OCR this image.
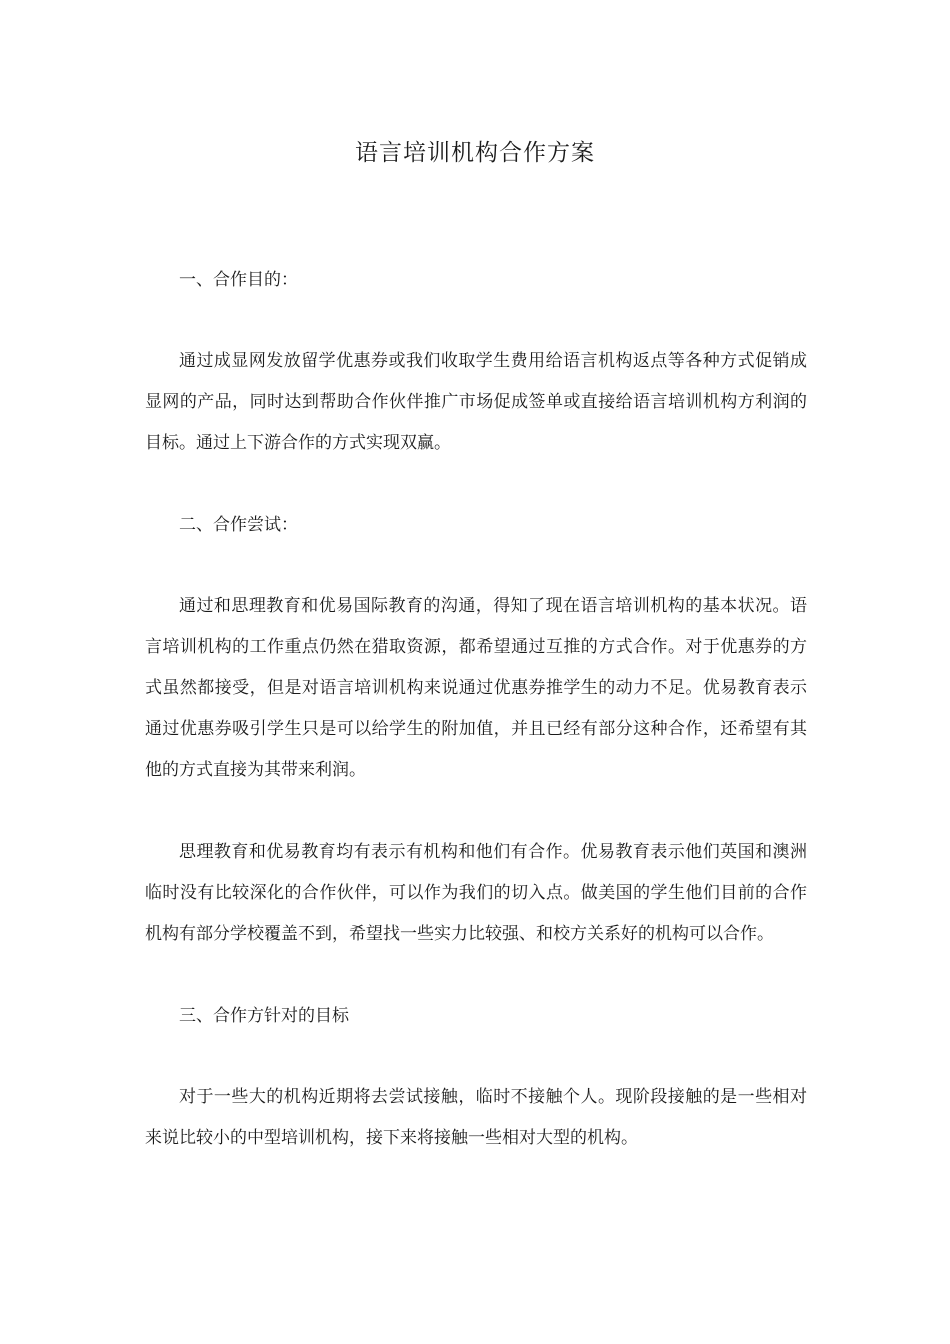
语言培训机构合作方案

一、合作目的：

通过成显网发放留学优惠券或我们收取学生费用给语言机构返点等各种方式促销成显网的产品，同时达到帮助合作伙伴推广市场促成签单或直接给语言培训机构方利润的目标。通过上下游合作的方式实现双赢。

二、合作尝试：

通过和思理教育和优易国际教育的沟通，得知了现在语言培训机构的基本状况。语言培训机构的工作重点仍然在猎取资源，都希望通过互推的方式合作。对于优惠券的方式虽然都接受，但是对语言培训机构来说通过优惠券推学生的动力不足。优易教育表示通过优惠券吸引学生只是可以给学生的附加值，并且已经有部分这种合作，还希望有其他的方式直接为其带来利润。

思理教育和优易教育均有表示有机构和他们有合作。优易教育表示他们英国和澳洲临时没有比较深化的合作伙伴，可以作为我们的切入点。做美国的学生他们目前的合作机构有部分学校覆盖不到，希望找一些实力比较强、和校方关系好的机构可以合作。

三、合作方针对的目标

对于一些大的机构近期将去尝试接触，临时不接触个人。现阶段接触的是一些相对来说比较小的中型培训机构，接下来将接触一些相对大型的机构。
